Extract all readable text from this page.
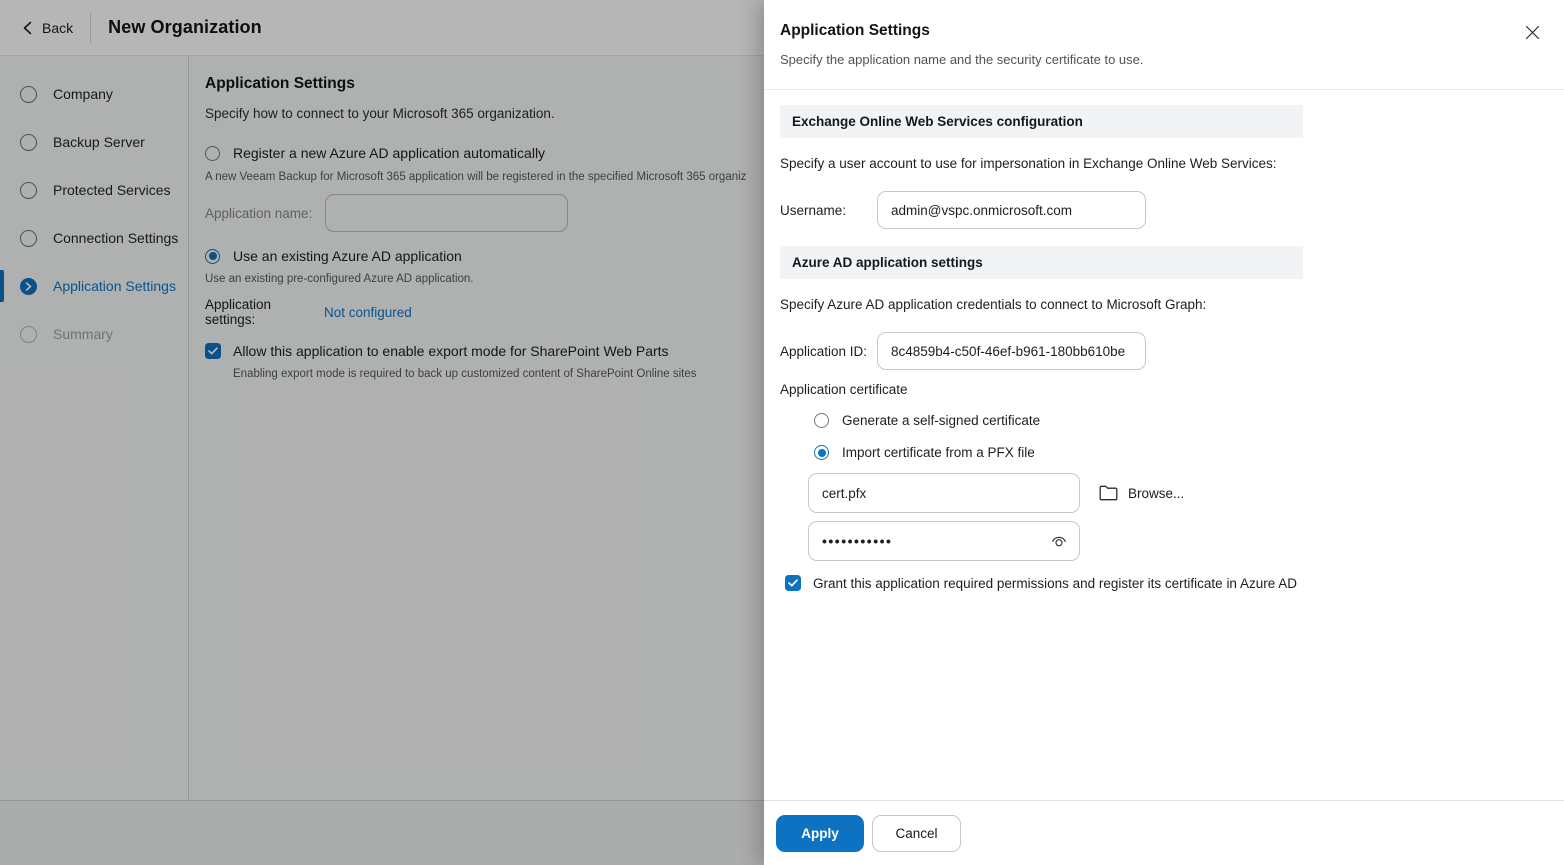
Back New Organization
Company
Backup Server
Protected Services
Connection Settings
Application Settings
Summary
Application Settings
Specify how to connect to your Microsoft 365 organization.
Register a new Azure AD application automatically
A new Veeam Backup for Microsoft 365 application will be registered in the specified Microsoft 365 organiz
Application name:
Use an existing Azure AD application
Use an existing pre-configured Azure AD application.
Application settings:	Not configured
Allow this application to enable export mode for SharePoint Web Parts
Enabling export mode is required to back up customized content of SharePoint Online sites
Application Settings
Specify the application name and the security certificate to use.
Exchange Online Web Services configuration
Specify a user account to use for impersonation in Exchange Online Web Services:
Username:
admin@vspc.onmicrosoft.com
Azure AD application settings
Specify Azure AD application credentials to connect to Microsoft Graph:
Application ID:
8c4859b4-c50f-46ef-b961-180bb610be
Application certificate
Generate a self-signed certificate
Import certificate from a PFX file
cert.pfx
Browse...
•••••••••••
Grant this application required permissions and register its certificate in Azure AD
Apply	Cancel
